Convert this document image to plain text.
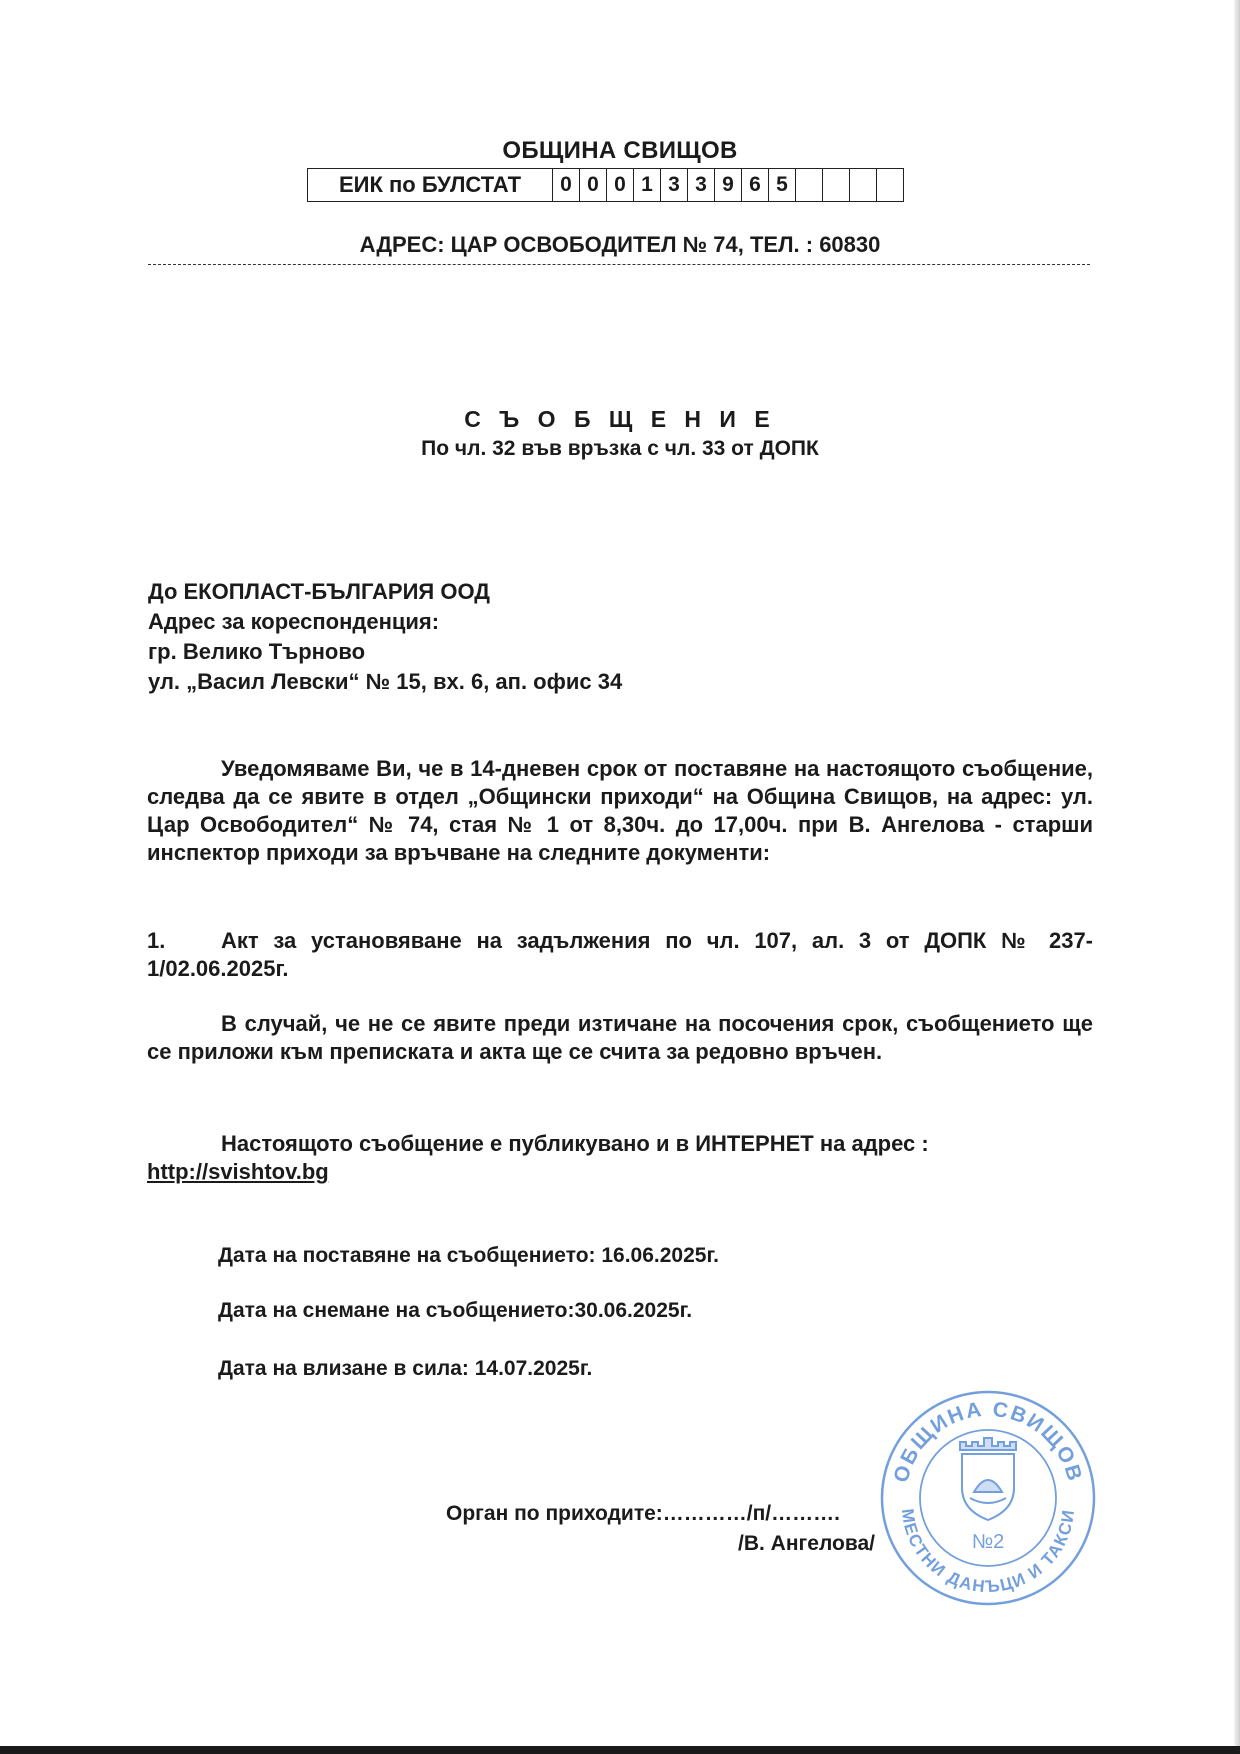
ОБЩИНА СВИЩОВ
ЕИК по БУЛСТАТ	0	0	0	1	3	3	9	6	5				
АДРЕС: ЦАР ОСВОБОДИТЕЛ № 74, ТЕЛ. : 60830
С Ъ О Б Щ Е Н И Е
По чл. 32 във връзка с чл. 33 от ДОПК
До ЕКОПЛАСТ-БЪЛГАРИЯ ООД
Адрес за кореспонденция:
гр. Велико Търново
ул. „Васил Левски“ № 15, вх. 6, ап. офис 34
Уведомяваме Ви, че в 14-дневен срок от поставяне на настоящото съобщение, следва да се явите в отдел „Общински приходи“ на Община Свищов, на адрес: ул. Цар Освободител“ № 74, стая № 1 от 8,30ч. до 17,00ч. при В. Ангелова - старши инспектор приходи за връчване на следните документи:
1.	Акт за установяване на задължения по чл. 107, ал. 3 от ДОПК № 237-1/02.06.2025г.
В случай, че не се явите преди изтичане на посочения срок, съобщението ще се приложи към преписката и акта ще се счита за редовно връчен.
Настоящото съобщение е публикувано и в ИНТЕРНЕТ на адрес :
http://svishtov.bg
Дата на поставяне на съобщението: 16.06.2025г.
Дата на снемане на съобщението:30.06.2025г.
Дата на влизане в сила: 14.07.2025г.
Орган по приходите:…………/п/……….
/В. Ангелова/
ОБЩИНА СВИЩОВ
МЕСТНИ ДАНЪЦИ И ТАКСИ
№2
